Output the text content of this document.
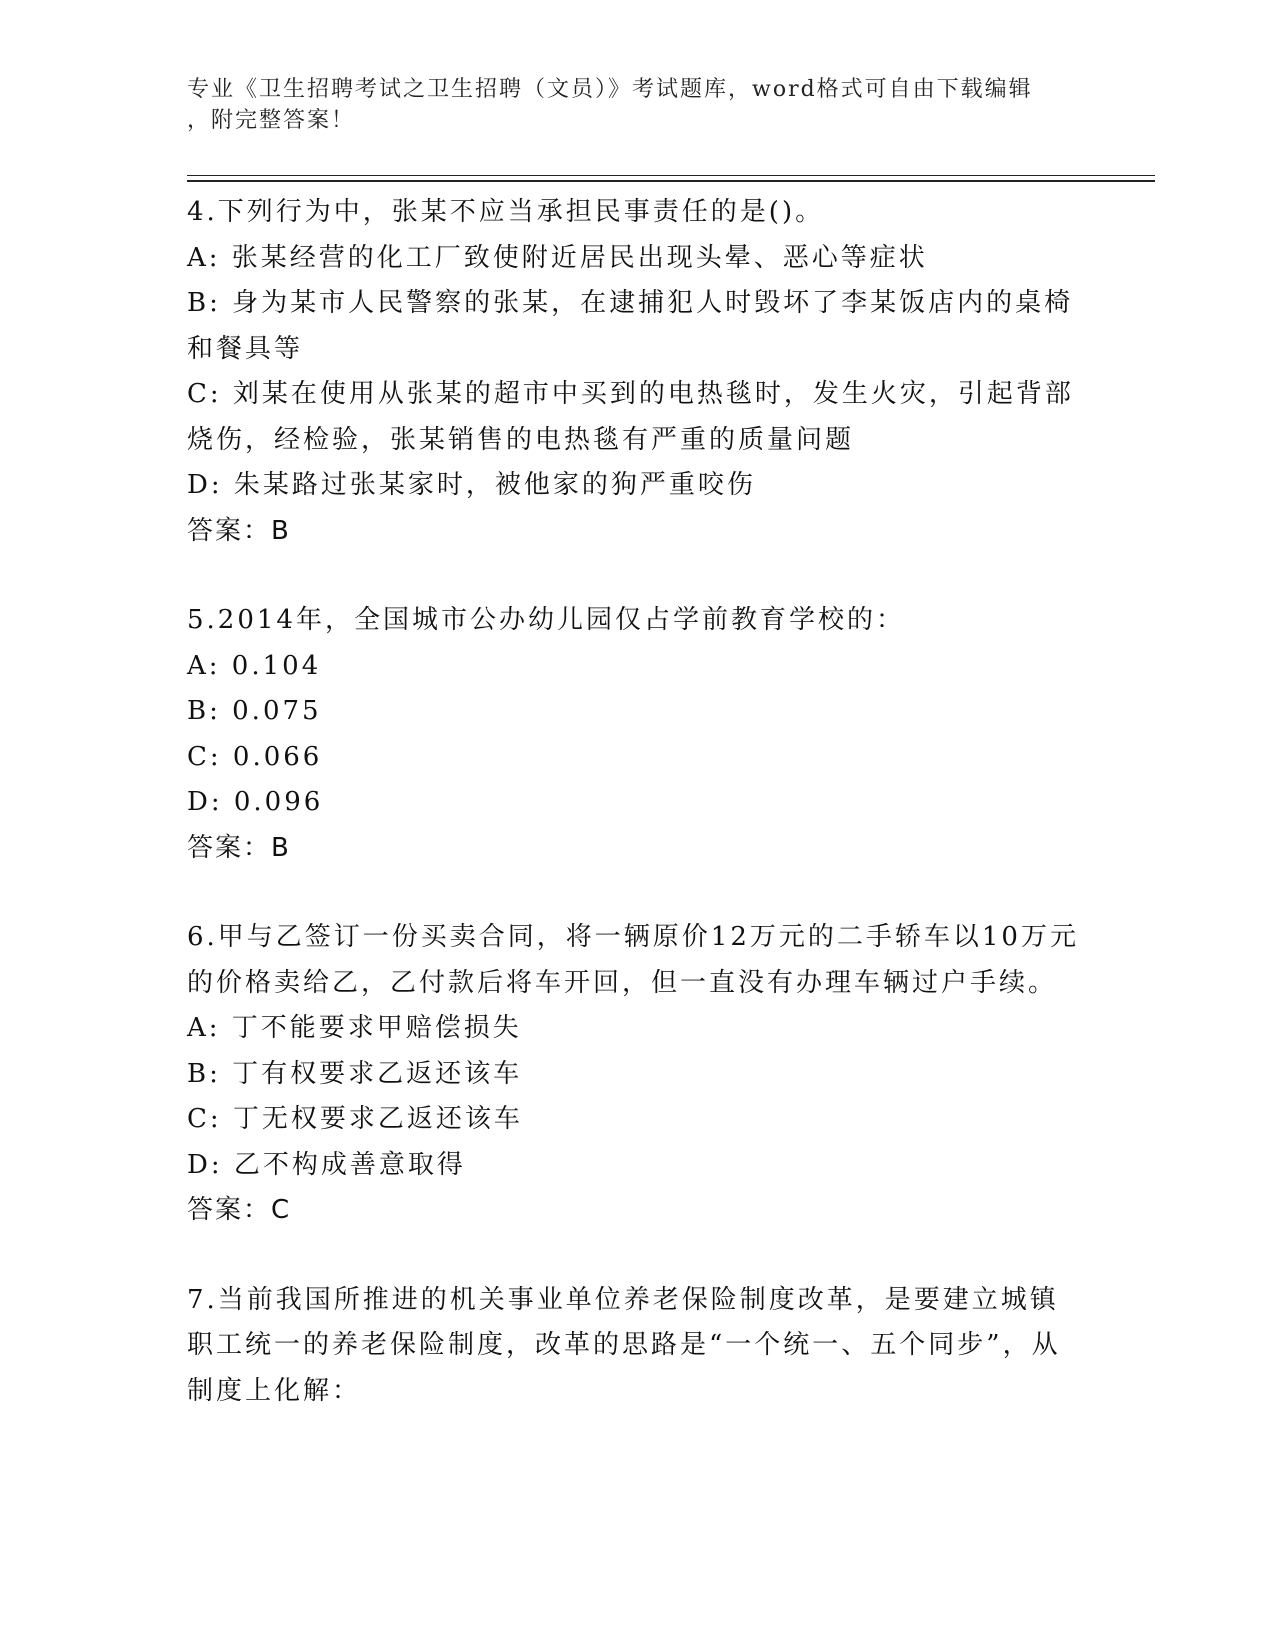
专业《卫生招聘考试之卫生招聘（文员）》考试题库，word格式可自由下载编辑
，附完整答案！
4.下列行为中，张某不应当承担民事责任的是()。
A: 张某经营的化工厂致使附近居民出现头晕、恶心等症状
B: 身为某市人民警察的张某，在逮捕犯人时毁坏了李某饭店内的桌椅和餐具等
C: 刘某在使用从张某的超市中买到的电热毯时，发生火灾，引起背部烧伤，经检验，张某销售的电热毯有严重的质量问题
D: 朱某路过张某家时，被他家的狗严重咬伤
答案：B
5.2014年，全国城市公办幼儿园仅占学前教育学校的：
A: 0.104
B: 0.075
C: 0.066
D: 0.096
答案：B
6.甲与乙签订一份买卖合同，将一辆原价12万元的二手轿车以10万元的价格卖给乙，乙付款后将车开回，但一直没有办理车辆过户手续。
A: 丁不能要求甲赔偿损失
B: 丁有权要求乙返还该车
C: 丁无权要求乙返还该车
D: 乙不构成善意取得
答案：C
7.当前我国所推进的机关事业单位养老保险制度改革，是要建立城镇职工统一的养老保险制度，改革的思路是“一个统一、五个同步”，从制度上化解：
